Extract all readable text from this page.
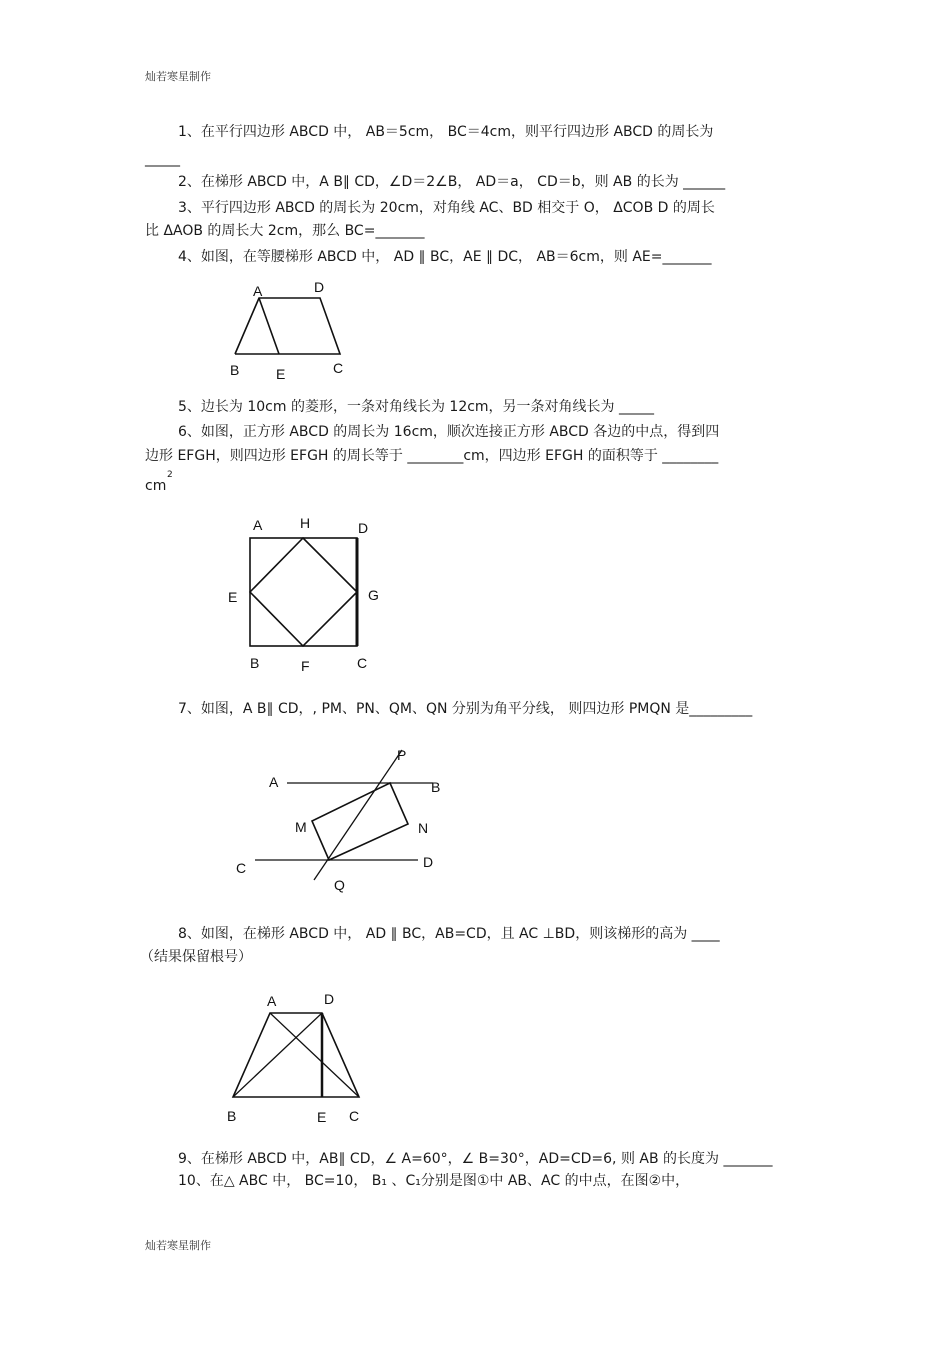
灿若寒星制作
1、在平行四边形 ABCD 中， AB＝5cm， BC＝4cm，则平行四边形 ABCD 的周长为
_____
2、在梯形 ABCD 中，A B∥ CD，∠D＝2∠B， AD＝a， CD＝b，则 AB 的长为 ______
3、平行四边形 ABCD 的周长为 20cm，对角线 AC、BD 相交于 O， ΔCOB D 的周长
比 ΔAOB 的周长大 2cm，那么 BC=_______
4、如图，在等腰梯形 ABCD 中， AD ∥ BC，AE ∥ DC， AB＝6cm，则 AE=_______
A	D
B	E	C
5、边长为 10cm 的菱形，一条对角线长为 12cm，另一条对角线长为 _____
6、如图，正方形 ABCD 的周长为 16cm，顺次连接正方形 ABCD 各边的中点，得到四
边形 EFGH，则四边形 EFGH 的周长等于 ________cm，四边形 EFGH 的面积等于 ________
cm
2
A	H	D
E	G
B	F	C
7、如图，A B∥ CD，, PM、PN、QM、QN 分别为角平分线， 则四边形 PMQN 是_________
P
A	B
M	N
C	D
Q
8、如图，在梯形 ABCD 中， AD ∥ BC，AB=CD，且 AC ⊥BD，则该梯形的高为 ____
（结果保留根号）
A	D
B	E C
9、在梯形 ABCD 中，AB∥ CD，∠ A=60°，∠ B=30°，AD=CD=6, 则 AB 的长度为 _______
10、在△ ABC 中， BC=10， B₁ 、C₁分别是图①中 AB、AC 的中点，在图②中，
灿若寒星制作
